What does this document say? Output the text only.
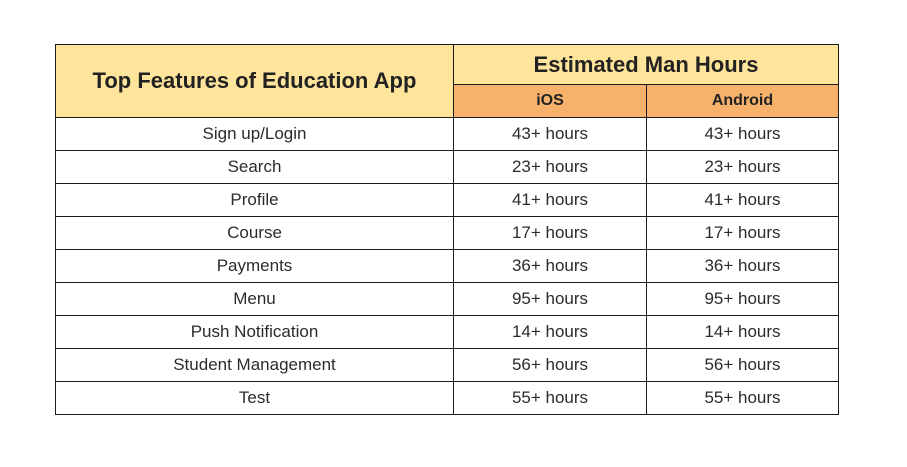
Top Features of Education App	Estimated Man Hours	
	iOS	Android
Sign up/Login	43+ hours	43+ hours
Search	23+ hours	23+ hours
Profile	41+ hours	41+ hours
Course	17+ hours	17+ hours
Payments	36+ hours	36+ hours
Menu	95+ hours	95+ hours
Push Notification	14+ hours	14+ hours
Student Management	56+ hours	56+ hours
Test	55+ hours	55+ hours
